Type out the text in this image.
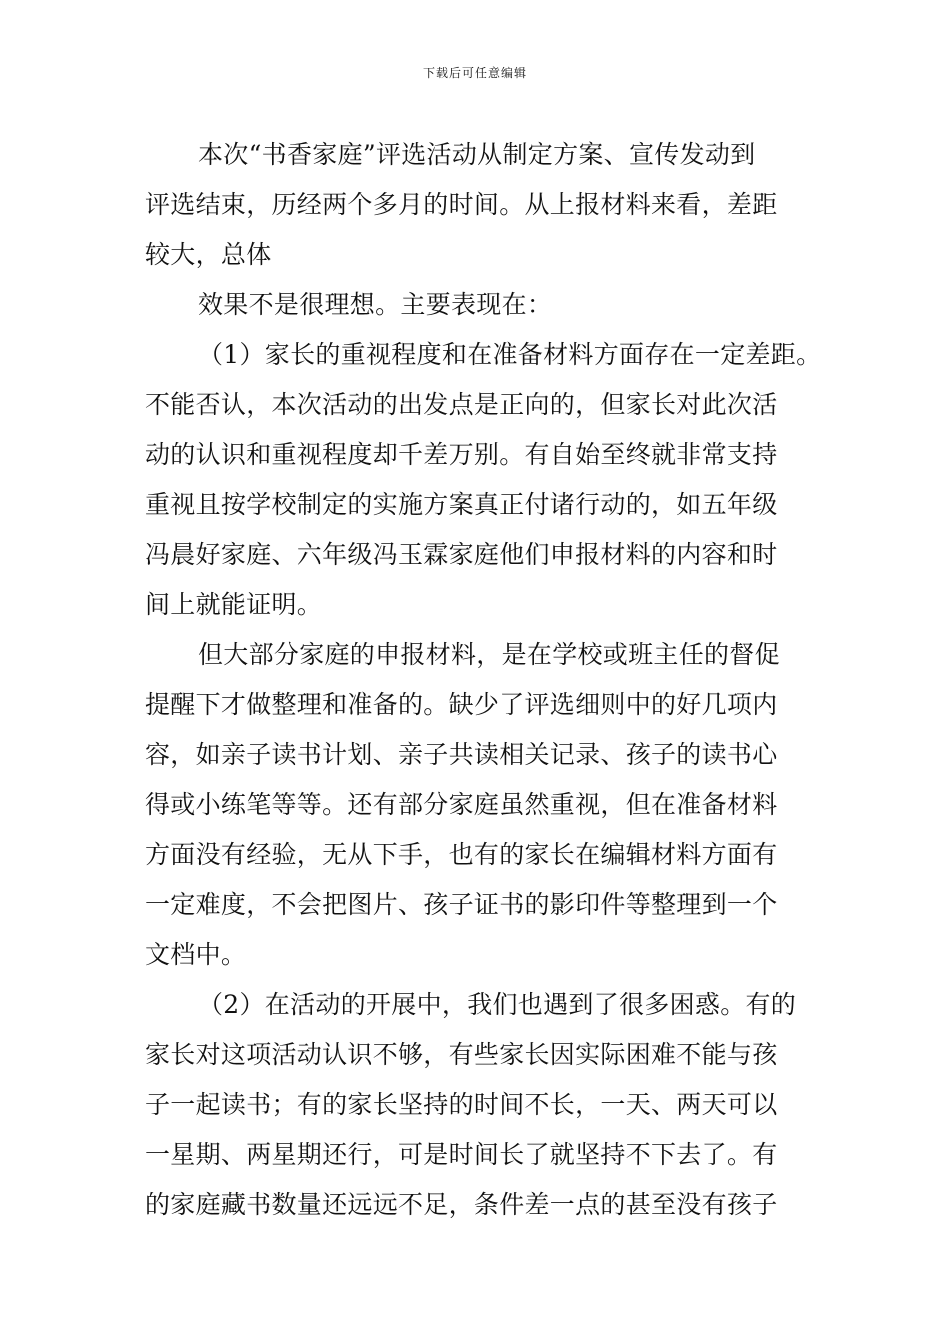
下载后可任意编辑
本次“书香家庭”评选活动从制定方案、宣传发动到
评选结束，历经两个多月的时间。从上报材料来看，差距
较大，总体
效果不是很理想。主要表现在：
（1）家长的重视程度和在准备材料方面存在一定差距。
不能否认，本次活动的出发点是正向的，但家长对此次活
动的认识和重视程度却千差万别。有自始至终就非常支持
重视且按学校制定的实施方案真正付诸行动的，如五年级
冯晨好家庭、六年级冯玉霖家庭他们申报材料的内容和时
间上就能证明。
但大部分家庭的申报材料，是在学校或班主任的督促
提醒下才做整理和准备的。缺少了评选细则中的好几项内
容，如亲子读书计划、亲子共读相关记录、孩子的读书心
得或小练笔等等。还有部分家庭虽然重视，但在准备材料
方面没有经验，无从下手，也有的家长在编辑材料方面有
一定难度，不会把图片、孩子证书的影印件等整理到一个
文档中。
（2）在活动的开展中，我们也遇到了很多困惑。有的
家长对这项活动认识不够，有些家长因实际困难不能与孩
子一起读书；有的家长坚持的时间不长，一天、两天可以
一星期、两星期还行，可是时间长了就坚持不下去了。有
的家庭藏书数量还远远不足，条件差一点的甚至没有孩子
